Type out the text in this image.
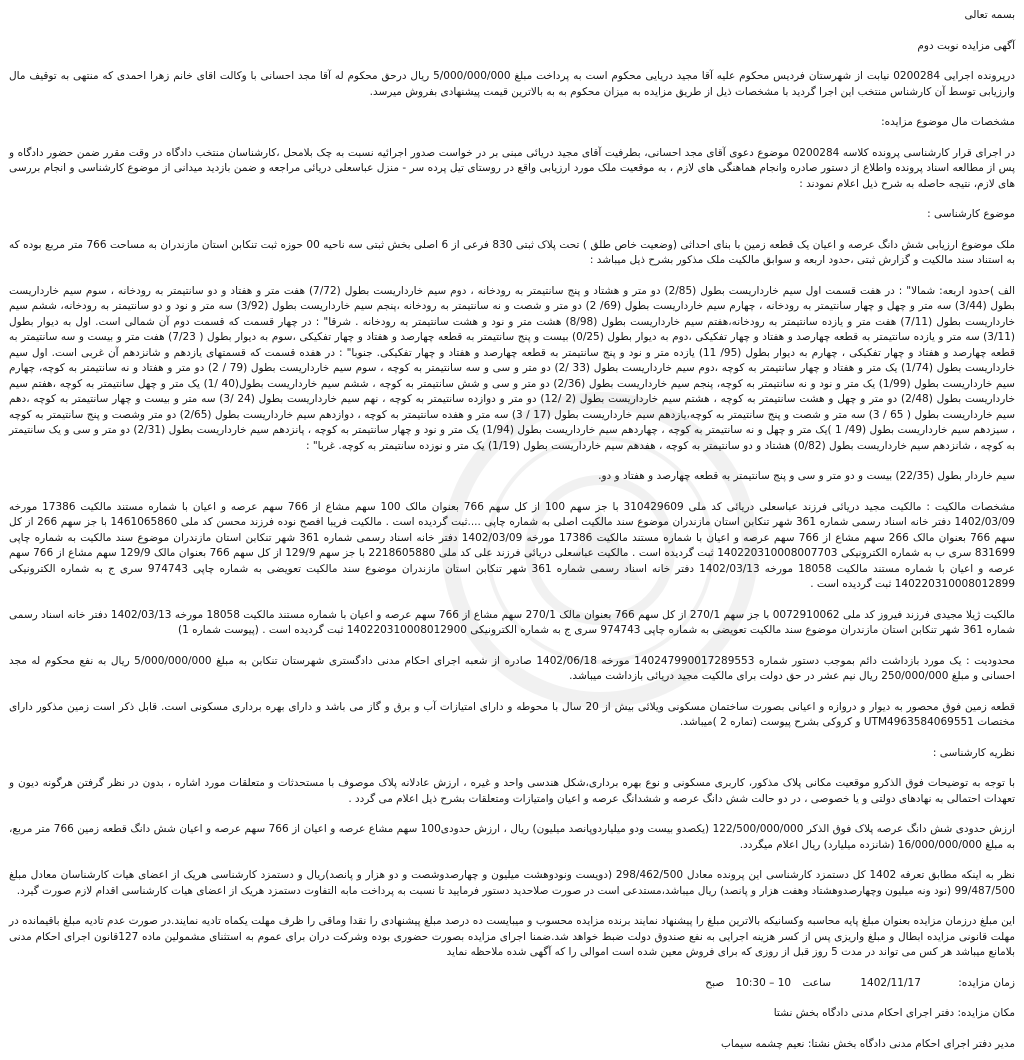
بسمه تعالی
آگهی مزایده نوبت دوم

درپرونده اجرایی 0200284 نیابت از شهرستان فردیس محکوم علیه آقا مجید دریایی محکوم است به پرداخت مبلغ 5/000/000/000 ریال درحق محکوم له آقا مجد احسانی با وکالت اقای خانم زهرا احمدی که منتهی به توقیف مال وارزیابی توسط آن کارشناس منتخب این اجرا گردید با مشخصات ذیل از طریق مزایده به میزان محکوم به به بالاترین قیمت پیشنهادی بفروش میرسد.

مشخصات مال موضوع مزایده:

در اجرای قرار کارشناسی پرونده کلاسه 0200284 موضوع دعوی آقای مجد احسانی، بطرفیت آقای مجید دریائی مبنی بر در خواست صدور اجرائیه نسبت به چک بلامحل ،کارشناسان منتخب دادگاه در وقت مقرر ضمن حضور دادگاه و پس از مطالعه اسناد پرونده واطلاع از دستور صادره وانجام هماهنگی های لازم ، به موقعیت ملک مورد ارزیابی واقع در روستای تیل پرده سر - منزل عباسعلی دریائی مراجعه و ضمن بازدید میدانی از موضوع کارشناسی و انجام بررسی های لازم، نتیجه حاصله به شرح ذیل اعلام نمودند :

موضوع کارشناسی :

ملک موضوع ارزیابی شش دانگ عرصه و اعیان یک قطعه زمین با بنای احداثی (وضعیت خاص طلق ) تحت پلاک ثبتی 830 فرعی از 6 اصلی بخش ثبتی سه ناحیه 00 حوزه ثبت تنکابن استان مازندران به مساحت 766 متر مربع بوده که به استناد سند مالکیت و گزارش ثبتی ،حدود اربعه و سوابق مالکیت ملک مذکور بشرح ذیل میباشد :

الف )حدود اربعه: شمالا" : در هفت قسمت اول سیم خارداریست بطول (2/85) دو متر و هشتاد و پنج سانتیمتر به رودخانه ، دوم سیم خارداریست بطول (7/72) هفت متر و هفتاد و دو سانتیمتر به رودخانه ، سوم سیم خارداریست بطول (3/44) سه متر و چهل و چهار سانتیمتر به رودخانه ، چهارم سیم خارداریست بطول (69/ 2) دو متر و شصت و نه سانتیمتر به رودخانه ،پنجم سیم خارداریست بطول (3/92) سه متر و نود و دو سانتیمتر به رودخانه، ششم سیم خارداریست بطول (7/11) هفت متر و یازده سانتیمتر به رودخانه،هفتم سیم خارداریست بطول (8/98) هشت متر و نود و هشت سانتیمتر به رودخانه . شرقا" : در چهار قسمت که قسمت دوم آن شمالی است. اول به دیوار بطول (3/11) سه متر و یازده سانتیمتر به قطعه چهارصد و هفتاد و چهار تفکیکی ،دوم به دیوار بطول (0/25) بیست و پنج سانتیمتر به قطعه چهارصد و هفتاد و چهار تفکیکی ،سوم به دیوار بطول ( 7/23) هفت متر و بیست و سه سانتیمتر به قطعه چهارصد و هفتاد و چهار تفکیکی ، چهارم به دیوار بطول (95/ 11) یازده متر و نود و پنج سانتیمتر به قطعه چهارصد و هفتاد و چهار تفکیکی. جنوبا" : در هفده قسمت که قسمتهای یازدهم و شانزدهم آن غربی است. اول سیم خارداریست بطول (1/74) یک متر و هفتاد و چهار سانتیمتر به کوچه ،دوم سیم خارداریست بطول (33 /2) دو متر و سی و سه سانتیمتر به کوچه ، سوم سیم خارداریست بطول (79 / 2) دو متر و هفتاد و نه سانتیمتر به کوچه، چهارم سیم خارداریست بطول (1/99) یک متر و نود و نه سانتیمتر به کوچه، پنجم سیم خارداریست بطول (2/36) دو متر و سی و شش سانتیمتر به کوچه ، ششم سیم خارداریست بطول(40 /1) یک متر و چهل سانتیمتر به کوچه ،هفتم سیم خارداریست بطول (2/48) دو متر و چهل و هشت سانتیمتر به کوچه ، هشتم سیم خارداریست بطول (2 /12) دو متر و دوازده سانتیمتر به کوچه ، نهم سیم خارداریست بطول (24 /3) سه متر و بیست و چهار سانتیمتر به کوچه ،دهم سیم خارداریست بطول ( 65 / 3) سه متر و شصت و پنج سانتیمتر به کوچه،یازدهم سیم خارداریست بطول (17 / 3) سه متر و هفده سانتیمتر به کوچه ، دوازدهم سیم خارداریست بطول (2/65) دو متر وشصت و پنج سانتیمتر به کوچه ، سیزدهم سیم خارداریست بطول (49/ 1 )یک متر و چهل و نه سانتیمتر به کوچه ، چهاردهم سیم خارداریست بطول (1/94) یک متر و نود و چهار سانتیمتر به کوچه ، پانزدهم سیم خارداریست بطول (2/31) دو متر و سی و یک سانتیمتر به کوچه ، شانزدهم سیم خارداریست بطول (0/82) هشتاد و دو سانتیمتر به کوچه ، هفدهم سیم خارداریست بطول (1/19) یک متر و نوزده سانتیمتر به کوچه. غربا" :

سیم خاردار بطول (22/35) بیست و دو متر و سی و پنج سانتیمتر به قطعه چهارصد و هفتاد و دو.

مشخصات مالکیت : مالکیت مجید دریائی فرزند عباسعلی دریائی کد ملی 310429609 با جز سهم 100 از کل سهم 766 بعنوان مالک 100 سهم مشاع از 766 سهم عرصه و اعیان با شماره مستند مالکیت 17386 مورخه 1402/03/09 دفتر خانه اسناد رسمی شماره 361 شهر تنکابن استان مازندران موضوع سند مالکیت اصلی به شماره چاپی ....ثبت گردیده است . مالکیت فریبا افصح نوده فرزند محسن کد ملی 1461065860 با جز سهم 266 از کل سهم 766 بعنوان مالک 266 سهم مشاع از 766 سهم عرصه و اعیان با شماره مستند مالکیت 17386 مورخه 1402/03/09 دفتر خانه اسناد رسمی شماره 361 شهر تنکابن استان مازندران موضوع سند مالکیت به شماره چاپی 831699 سری ب به شماره الکترونیکی 140220310008007703 ثبت گردیده است . مالکیت عباسعلی دریائی فرزند علی کد ملی 2218605880 با جز سهم 129/9 از کل سهم 766 بعنوان مالک 129/9 سهم مشاع از 766 سهم عرصه و اعیان با شماره مستند مالکیت 18058 مورخه 1402/03/13 دفتر خانه اسناد رسمی شماره 361 شهر تنکابن استان مازندران موضوع سند مالکیت تعویضی به شماره چاپی 974743 سری ج به شماره الکترونیکی 140220310008012899 ثبت گردیده است .

مالکیت ژیلا مجیدی فرزند فیروز کد ملی 0072910062 با جز سهم 270/1 از کل سهم 766 بعنوان مالک 270/1 سهم مشاع از 766 سهم عرصه و اعیان با شماره مستند مالکیت 18058 مورخه 1402/03/13 دفتر خانه اسناد رسمی شماره 361 شهر تنکابن استان مازندران موضوع سند مالکیت تعویضی به شماره چاپی 974743 سری ج به شماره الکترونیکی 140220310008012900 ثبت گردیده است . (پیوست شماره 1)

محدودیت : یک مورد بازداشت دائم بموجب دستور شماره 140247990017289553 مورخه 1402/06/18 صادره از شعبه اجرای احکام مدنی دادگستری شهرستان تنکابن به مبلغ 5/000/000/000 ریال به نفع محکوم له مجد احسانی و مبلغ 250/000/000 ریال نیم عشر در حق دولت برای مالکیت مجید دریائی بازداشت میباشد.

قطعه زمین فوق محصور به دیوار و دروازه و اعیانی بصورت ساختمان مسکونی ویلائی بیش از 20 سال با محوطه و دارای امتیازات آب و برق و گاز می باشد و دارای بهره برداری مسکونی است. قابل ذکر است زمین مذکور دارای مختصات UTM4963584069551 و کروکی بشرح پیوست (تماره 2 )میباشد.

نظریه کارشناسی :

با توجه به توضیحات فوق الذکرو موقعیت مکانی پلاک مذکور، کاربری مسکونی و نوع بهره برداری،شکل هندسی واحد و غیره ، ارزش عادلانه پلاک موصوف با مستحدثات و متعلقات مورد اشاره ، بدون در نظر گرفتن هرگونه دیون و تعهدات احتمالی به نهادهای دولتی و یا خصوصی ، در دو حالت شش دانگ عرصه و ششدانگ عرصه و اعیان وامتیازات ومتعلقات بشرح ذیل اعلام می گردد .

ارزش حدودی شش دانگ عرصه پلاک فوق الذکر 122/500/000/000 (یکصدو بیست ودو میلیاردوپانصد میلیون) ریال ، ارزش حدودی100 سهم مشاع عرصه و اعیان از 766 سهم عرصه و اعیان شش دانگ قطعه زمین 766 متر مربع، به مبلغ 16/000/000/000 (شانزده میلیارد) ریال اعلام میگردد.

نظر به اینکه مطابق تعرفه 1402 کل دستمزد کارشناسی این پرونده معادل 298/462/500 (دویست ونودوهشت میلیون و چهارصدوشصت و دو هزار و پانصد)ریال و دستمزد کارشناسی هریک از اعضای هیات کارشناسان معادل مبلغ 99/487/500 (نود ونه میلیون وچهارصدوهشتاد وهفت هزار و پانصد) ریال میباشد،مستدعی است در صورت صلاحدید دستور فرمایید تا نسبت به پرداخت مابه التفاوت دستمزد هریک از اعضای هیات کارشناسی اقدام لازم صورت گیرد.

این مبلغ درزمان مزایده بعنوان مبلغ پایه محاسبه وکسانیکه بالاترین مبلغ را پیشنهاد نمایند برنده مزایده محسوب و میبایست ده درصد مبلغ پیشنهادی را نقدا وماقی را ظرف مهلت یکماه تادیه نمایند.در صورت عدم تادیه مبلغ باقیمانده در مهلت قانونی مزایده ابطال و مبلغ واریزی پس از کسر هزینه اجرایی به نفع صندوق دولت ضبط خواهد شد.ضمنا اجرای مزایده بصورت حضوری بوده وشرکت دران برای عموم به استثنای مشمولین ماده 127قانون اجرای احکام مدنی بلامانع میباشد هر کس می تواند در مدت 5 روز قبل از روزی که برای فروش معین شده است اموالی را که آگهی شده ملاحظه نماید

زمان مزایده: 1402/11/17 ساعت 10 – 10:30 صبح
مکان مزایده: دفتر اجرای احکام مدنی دادگاه بخش نشتا
مدیر دفتر اجرای احکام مدنی دادگاه بخش نشتا: نعیم چشمه سیماب
